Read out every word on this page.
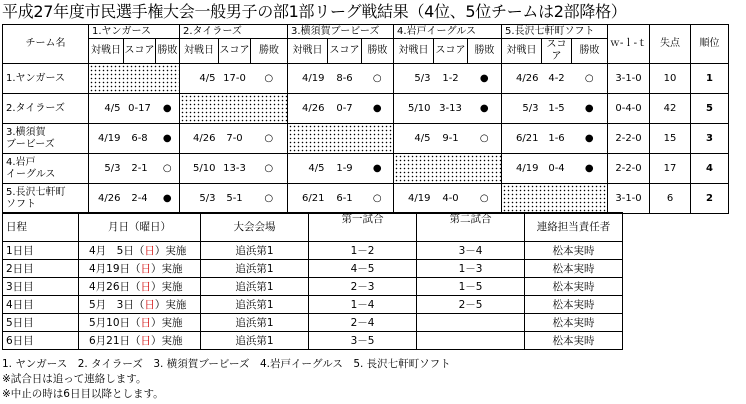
平成27年度市民選手権大会一般男子の部1部リーグ戦結果（4位、5位チームは2部降格）
チーム名	1.ヤンガース			2.タイラーズ			3.横須賀ブービーズ			4.岩戸イーグルス			5.長沢七軒町ソフト			ｗ-ｌ-ｔ	失点	順位
	対戦日	スコア	勝敗	対戦日	スコア	勝敗	対戦日	スコア	勝敗	対戦日	スコア	勝敗	対戦日	スコア	勝敗			

1.ヤンガース				4/5	17-0	○	4/19	8-6	○	5/3	1-2	●	4/26	4-2	○	3-1-0	10	1

2.タイラーズ	4/5	0-17	●				4/26	0-7	●	5/10	3-13	●	5/3	1-5	●	0-4-0	42	5

3.横須賀
ブービーズ	4/19	6-8	●	4/26	7-0	○				4/5	9-1	○	6/21	1-6	●	2-2-0	15	3

4.岩戸
イーグルス	5/3	2-1	○	5/10	13-3	○	4/5	1-9	●				4/19	0-4	●	2-2-0	17	4

5.長沢七軒町
ソフト	4/26	2-4	●	5/3	5-1	○	6/21	6-1	○	4/19	4-0	○				3-1-0	6	2
日程	月日（曜日）	大会会場	第一試合	第二試合	連絡担当責任者
1日目	4月　5日（日）実施	追浜第1	1－2	3－4	松本実時
2日目	4月19日（日）実施	追浜第1	4－5	1－3	松本実時
3日目	4月26日（日）実施	追浜第1	2－3	1－5	松本実時
4日目	5月　3日（日）実施	追浜第1	1－4	2－5	松本実時
5日目	5月10日（日）実施	追浜第1	2－4		松本実時
6日目	6月21日（日）実施	追浜第1	3－5		松本実時
1. ヤンガース　2. タイラーズ　3. 横須賀ブービーズ　4.岩戸イーグルス　5. 長沢七軒町ソフト
※試合日は追って連絡します。
※中止の時は6日目以降とします。
